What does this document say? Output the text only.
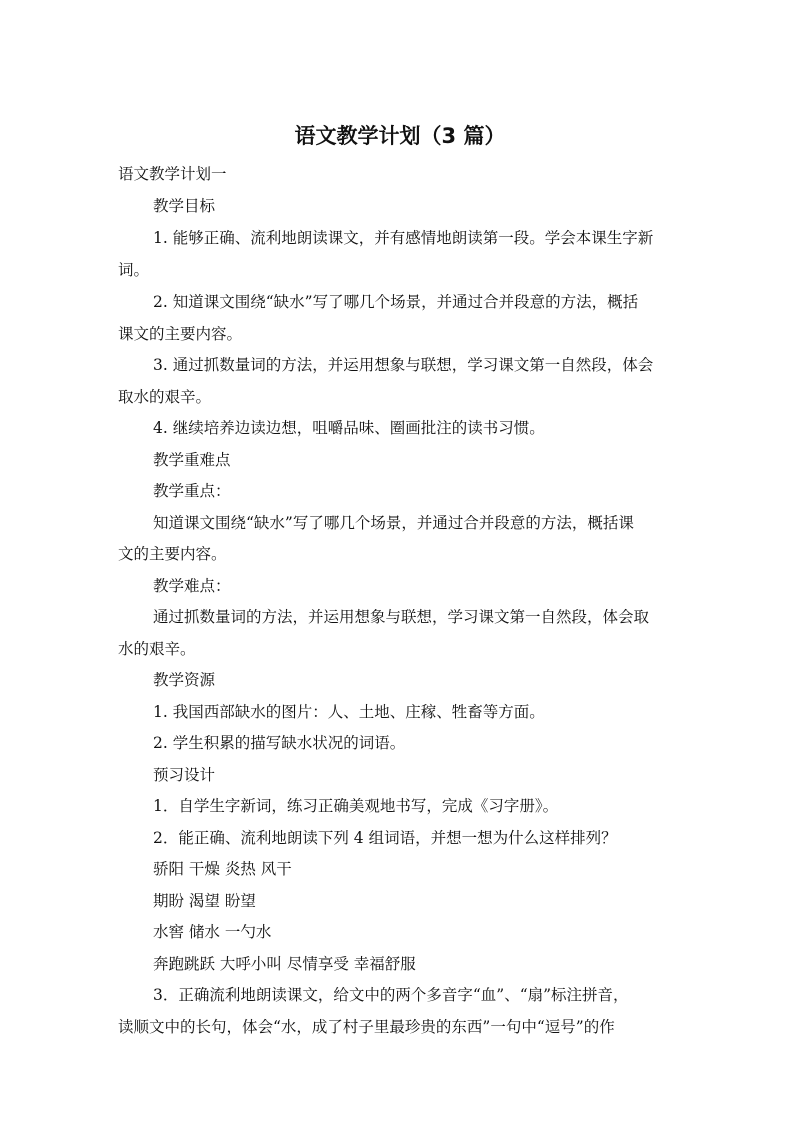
语文教学计划（3 篇）
语文教学计划一
教学目标
1. 能够正确、流利地朗读课文，并有感情地朗读第一段。学会本课生字新
词。
2. 知道课文围绕“缺水”写了哪几个场景，并通过合并段意的方法，概括
课文的主要内容。
3. 通过抓数量词的方法，并运用想象与联想，学习课文第一自然段，体会
取水的艰辛。
4. 继续培养边读边想，咀嚼品味、圈画批注的读书习惯。
教学重难点
教学重点：
知道课文围绕“缺水”写了哪几个场景，并通过合并段意的方法，概括课
文的主要内容。
教学难点：
通过抓数量词的方法，并运用想象与联想，学习课文第一自然段，体会取
水的艰辛。
教学资源
1. 我国西部缺水的图片：人、土地、庄稼、牲畜等方面。
2. 学生积累的描写缺水状况的词语。
预习设计
1．自学生字新词，练习正确美观地书写，完成《习字册》。
2．能正确、流利地朗读下列 4 组词语，并想一想为什么这样排列？
骄阳 干燥 炎热 风干
期盼 渴望 盼望
水窖 储水 一勺水
奔跑跳跃 大呼小叫 尽情享受 幸福舒服
3．正确流利地朗读课文，给文中的两个多音字“血”、“扇”标注拼音，
读顺文中的长句，体会“水，成了村子里最珍贵的东西”一句中“逗号”的作
